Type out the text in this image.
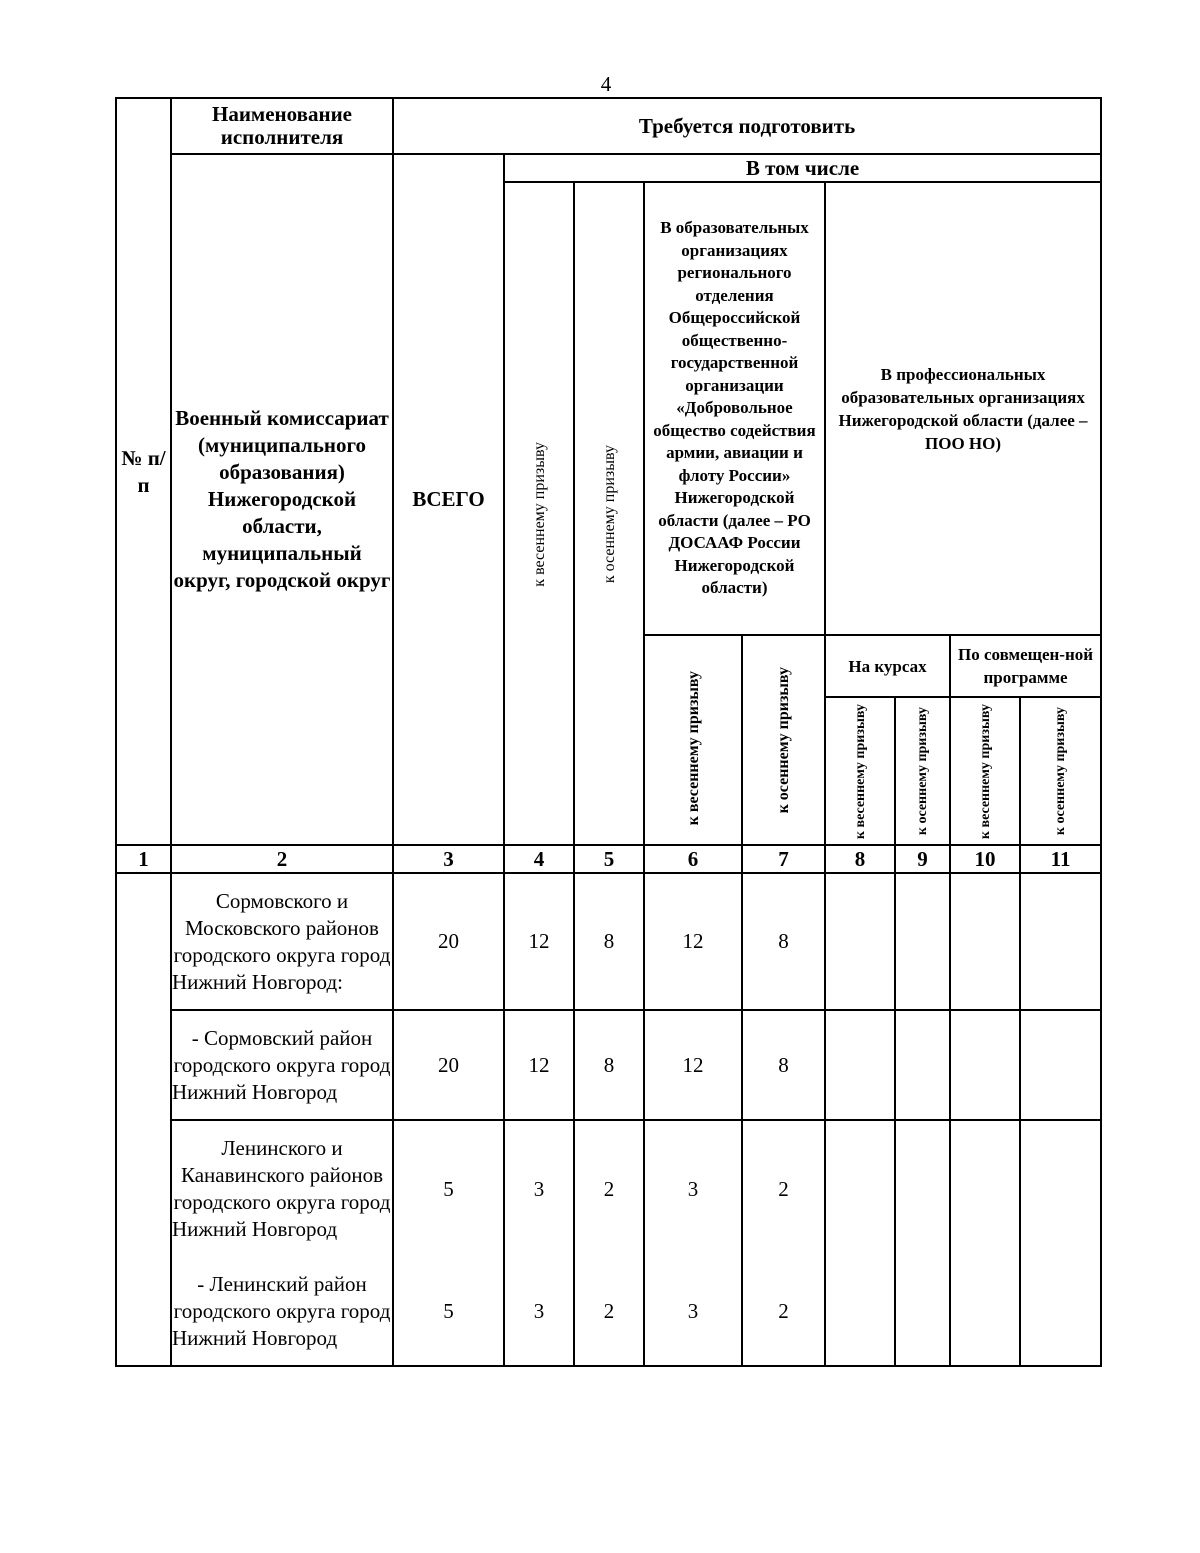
4
№ п/п	Наименование исполнителя	Требуется подготовить								
	Военный комиссариат (муниципального образования) Нижегородской области, муниципальный округ, городской округ	ВСЕГО	В том числе							
			к весеннему призыву	к осеннему призыву	В образовательных организациях регионального отделения Общероссийской общественно-государственной организации «Добровольное общество содействия армии, авиации и флоту России» Нижегородской области (далее – РО ДОСААФ России Нижегородской области)		В профессиональных образовательных организациях Нижегородской области (далее – ПОО НО)			
					к весеннему призыву	к осеннему призыву	На курсах		По совмещен-ной программе	
							к весеннему призыву	к осеннему призыву	к весеннему призыву	к осеннему призыву
1	2	3	4	5	6	7	8	9	10	11
	Сормовского и Московского районов городского округа город Нижний Новгород:	20	12	8	12	8				
	- Сормовский район городского округа город Нижний Новгород	20	12	8	12	8				
	Ленинского и Канавинского районов городского округа город Нижний Новгород	5	3	2	3	2				
	- Ленинский район городского округа город Нижний Новгород	5	3	2	3	2				
